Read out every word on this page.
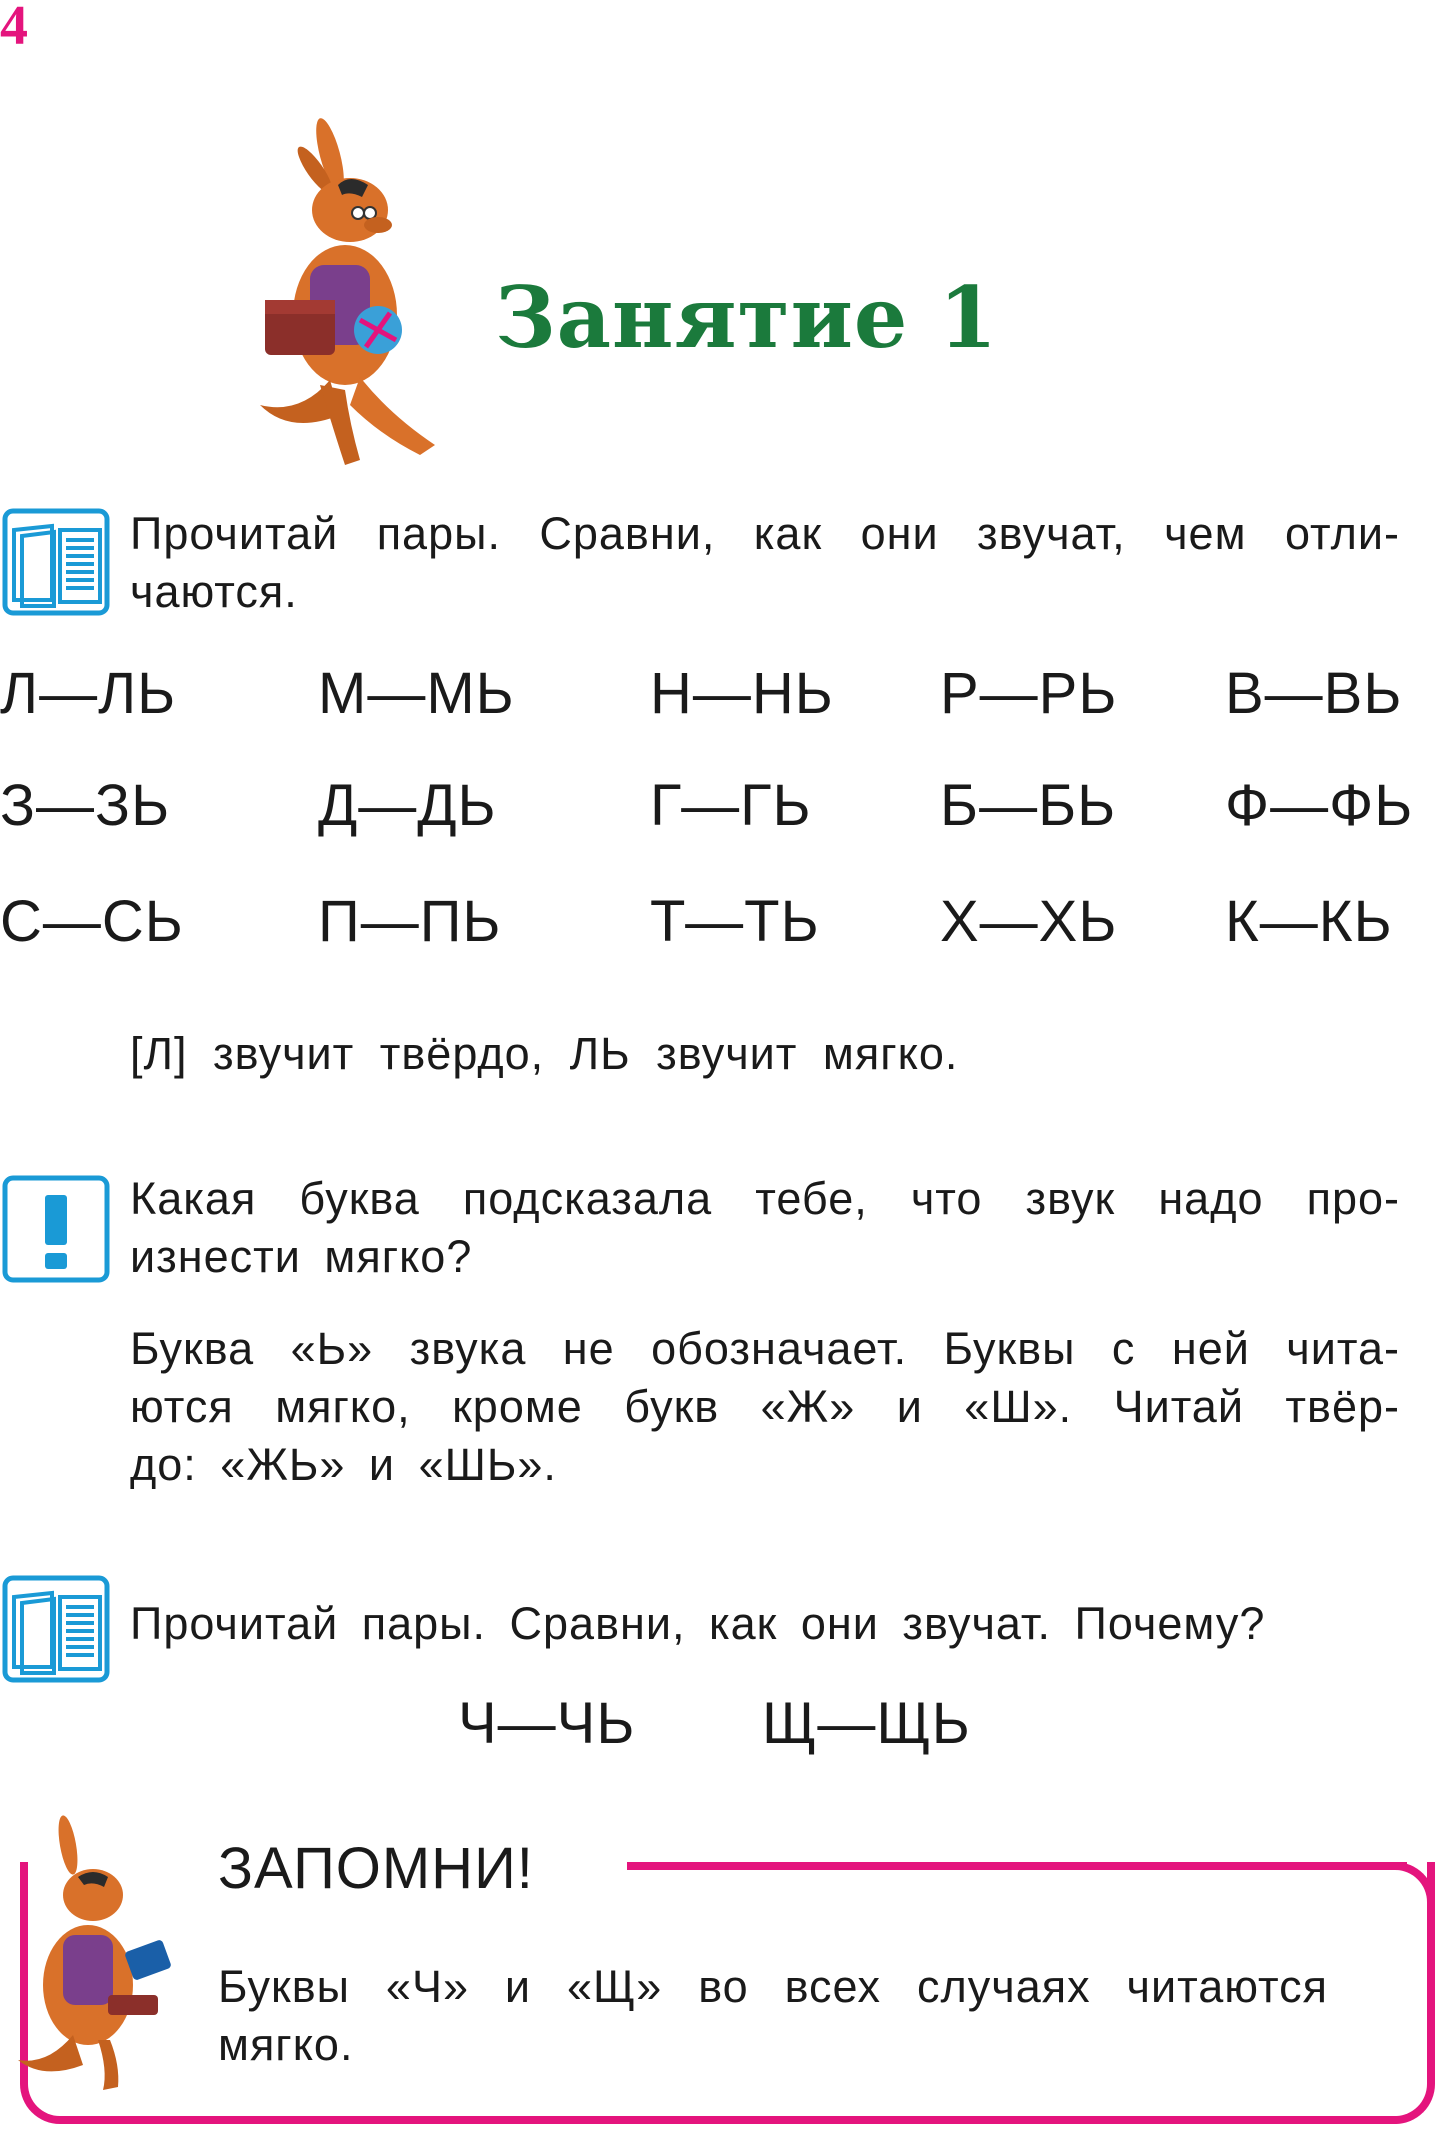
4
Занятие 1
Прочитай пары. Сравни, как они звучат, чем отли-
чаются.
Л—ЛЬ М—МЬ Н—НЬ Р—РЬ В—ВЬ
З—ЗЬ	Д—ДЬ	Г—ГЬ Б—БЬ Ф—ФЬ
С—СЬ П—ПЬ	Т—ТЬ Х—ХЬ К—КЬ
[Л] звучит твёрдо, ЛЬ звучит мягко.
Какая буква подсказала тебе, что звук надо про-
изнести мягко?
Буква «Ь» звука не обозначает. Буквы с ней чита-
ются мягко, кроме букв «Ж» и «Ш». Читай твёр-
до: «ЖЬ» и «ШЬ».
Прочитай пары. Сравни, как они звучат. Почему?
Ч—ЧЬ Щ—ЩЬ
ЗАПОМНИ!
Буквы «Ч» и «Щ» во всех случаях читаются
мягко.
